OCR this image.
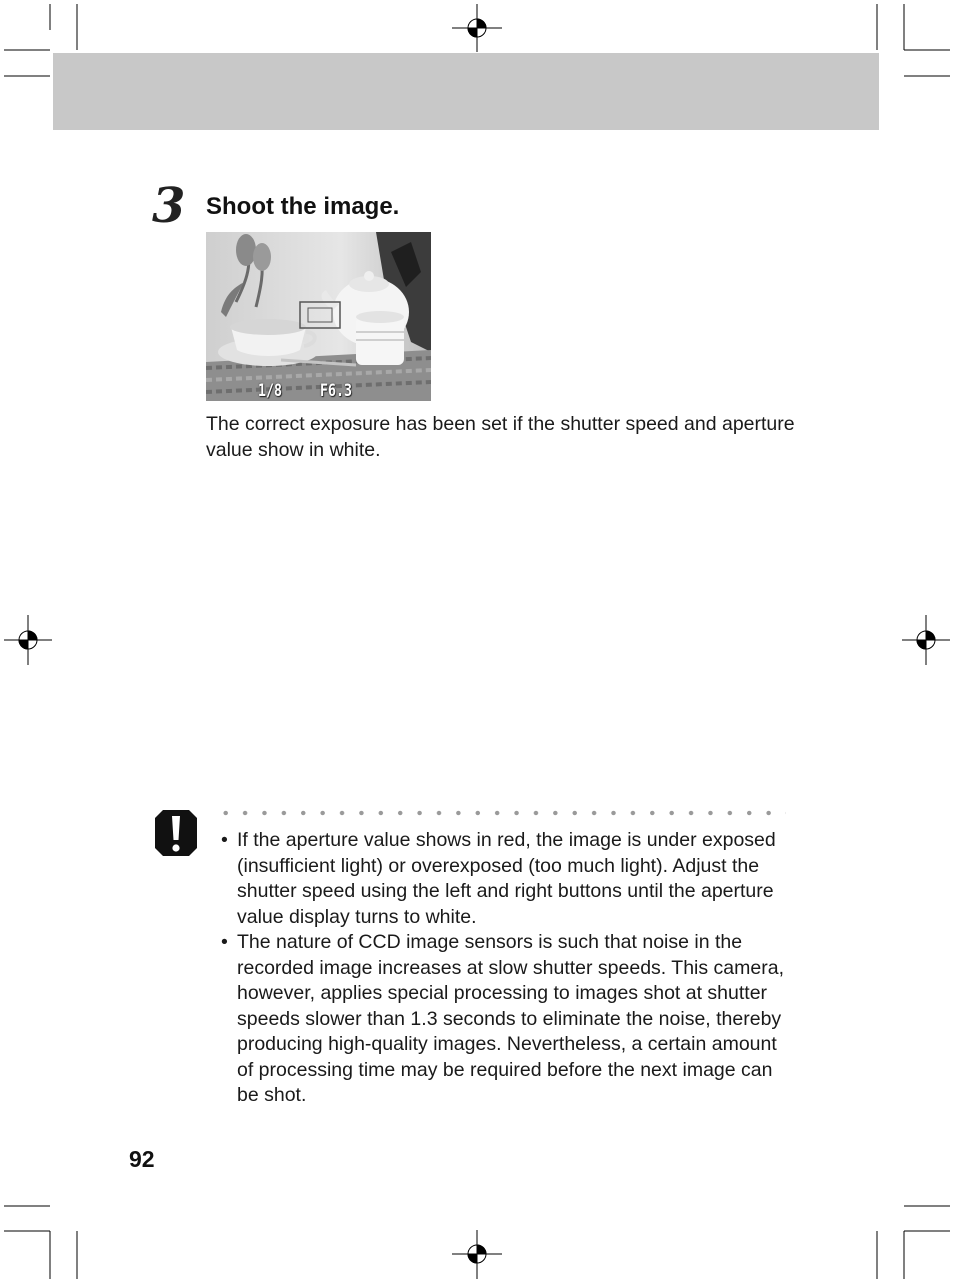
3 Shoot the image.
1/8 F6.3
The correct exposure has been set if the shutter speed and aperture value show in white.
• If the aperture value shows in red, the image is under exposed (insufficient light) or overexposed (too much light). Adjust the shutter speed using the left and right buttons until the aperture value display turns to white.
• The nature of CCD image sensors is such that noise in the recorded image increases at slow shutter speeds. This camera, however, applies special processing to images shot at shutter speeds slower than 1.3 seconds to eliminate the noise, thereby producing high-quality images. Nevertheless, a certain amount of processing time may be required before the next image can be shot.
92
